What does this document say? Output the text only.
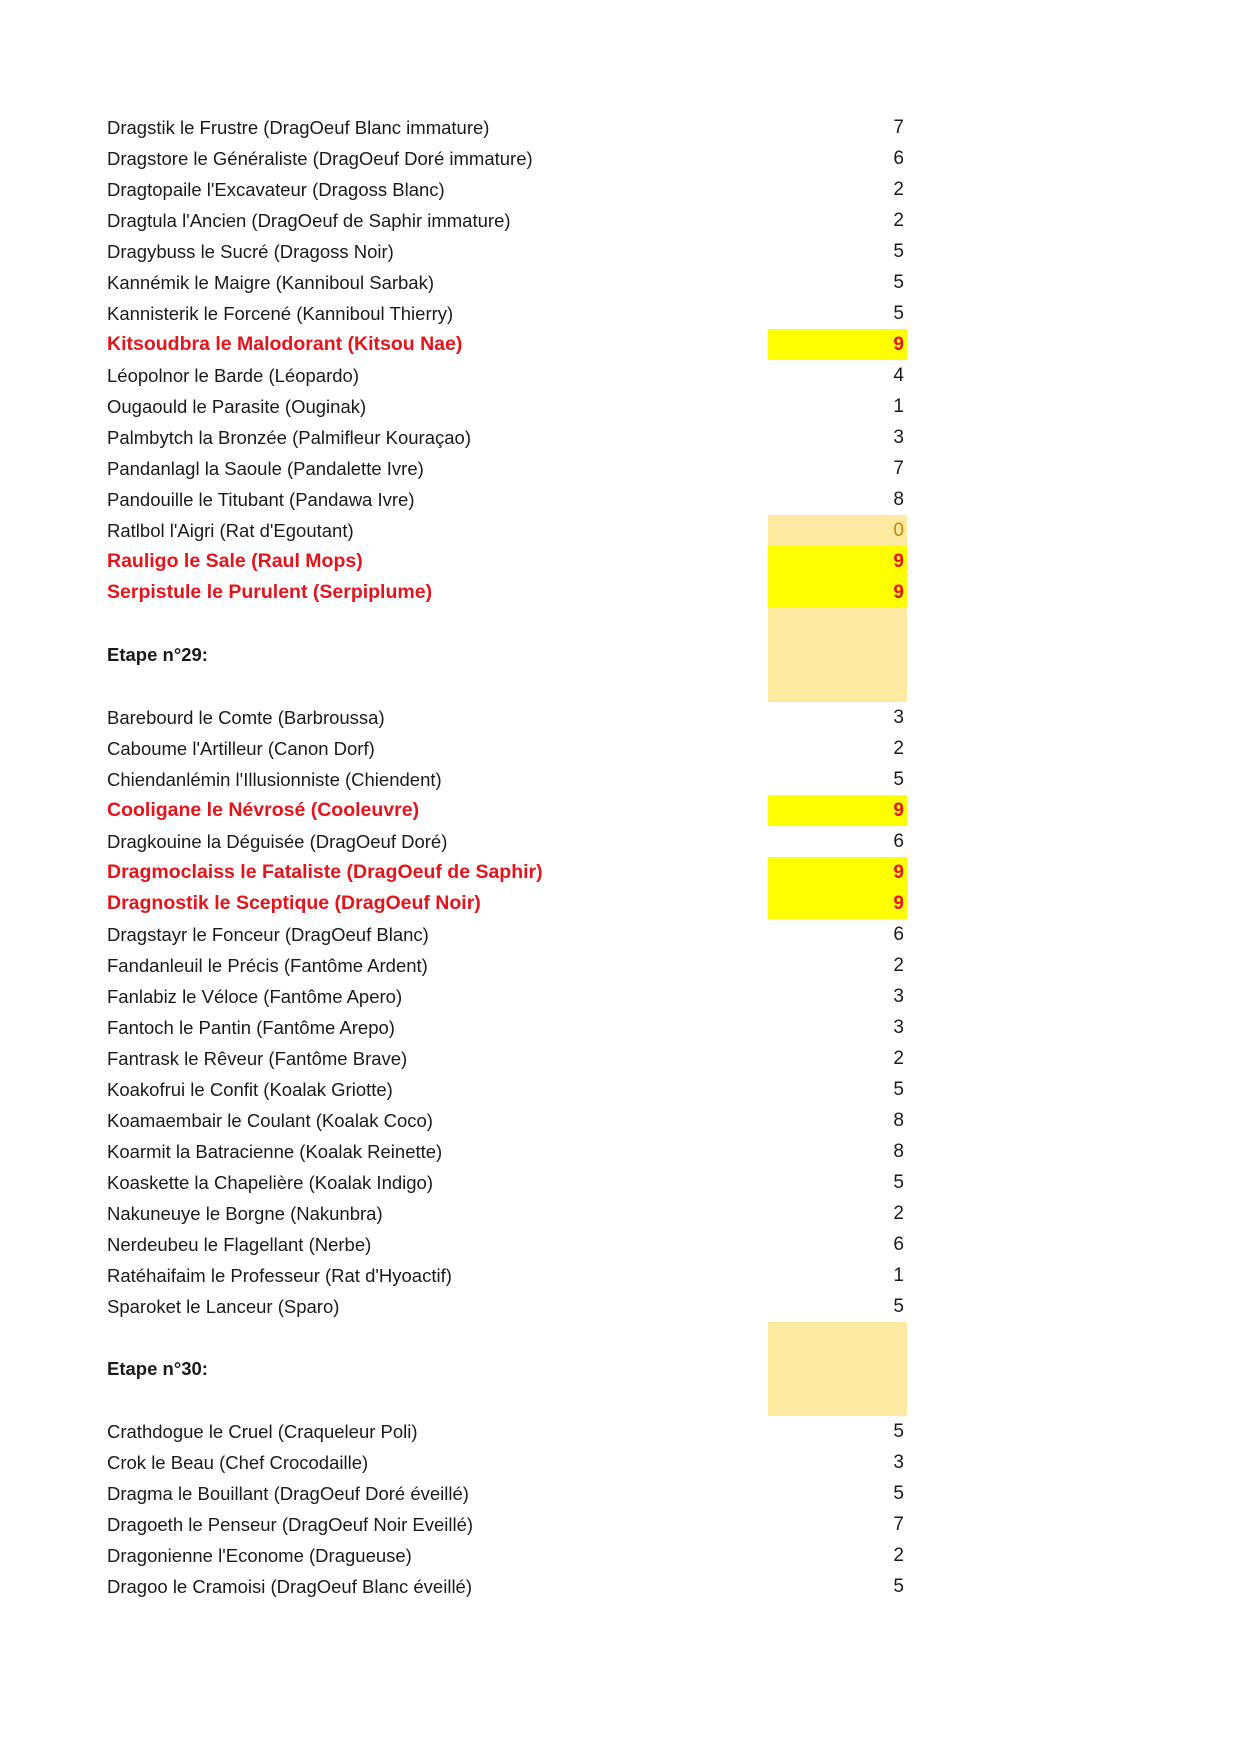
Dragstik le Frustre (DragOeuf Blanc immature)	7
Dragstore le Généraliste (DragOeuf Doré immature)	6
Dragtopaile l'Excavateur (Dragoss Blanc)	2
Dragtula l'Ancien (DragOeuf de Saphir immature)	2
Dragybuss le Sucré (Dragoss Noir)	5
Kannémik le Maigre (Kanniboul Sarbak)	5
Kannisterik le Forcené (Kanniboul Thierry)	5
Kitsoudbra le Malodorant (Kitsou Nae)	9
Léopolnor le Barde (Léopardo)	4
Ougaould le Parasite (Ouginak)	1
Palmbytch la Bronzée (Palmifleur Kouraçao)	3
Pandanlagl la Saoule (Pandalette Ivre)	7
Pandouille le Titubant (Pandawa Ivre)	8
Ratlbol l'Aigri (Rat d'Egoutant)	0
Rauligo le Sale (Raul Mops)	9
Serpistule le Purulent (Serpiplume)	9
Etape n°29:
Barebourd le Comte (Barbroussa)	3
Caboume l'Artilleur (Canon Dorf)	2
Chiendanlémin l'Illusionniste (Chiendent)	5
Cooligane le Névrosé (Cooleuvre)	9
Dragkouine la Déguisée (DragOeuf Doré)	6
Dragmoclaiss le Fataliste (DragOeuf de Saphir)	9
Dragnostik le Sceptique (DragOeuf Noir)	9
Dragstayr le Fonceur (DragOeuf Blanc)	6
Fandanleuil le Précis (Fantôme Ardent)	2
Fanlabiz le Véloce (Fantôme Apero)	3
Fantoch le Pantin (Fantôme Arepo)	3
Fantrask le Rêveur (Fantôme Brave)	2
Koakofrui le Confit (Koalak Griotte)	5
Koamaembair le Coulant (Koalak Coco)	8
Koarmit la Batracienne (Koalak Reinette)	8
Koaskette la Chapelière (Koalak Indigo)	5
Nakuneuye le Borgne (Nakunbra)	2
Nerdeubeu le Flagellant (Nerbe)	6
Ratéhaifaim le Professeur (Rat d'Hyoactif)	1
Sparoket le Lanceur (Sparo)	5
Etape n°30:
Crathdogue le Cruel (Craqueleur Poli)	5
Crok le Beau (Chef Crocodaille)	3
Dragma le Bouillant (DragOeuf Doré éveillé)	5
Dragoeth le Penseur (DragOeuf Noir Eveillé)	7
Dragonienne l'Econome (Dragueuse)	2
Dragoo le Cramoisi (DragOeuf Blanc éveillé)	5
